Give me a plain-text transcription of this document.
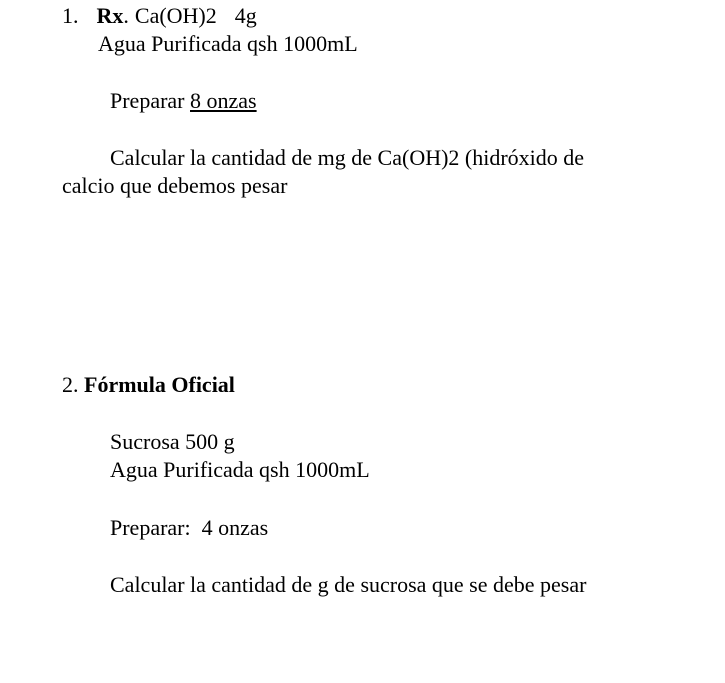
1. Rx. Ca(OH)2 4g
Agua Purificada qsh 1000mL
Preparar 8 onzas
Calcular la cantidad de mg de Ca(OH)2 (hidróxido de
calcio que debemos pesar
2. Fórmula Oficial
Sucrosa 500 g
Agua Purificada qsh 1000mL
Preparar:  4 onzas
Calcular la cantidad de g de sucrosa que se debe pesar
